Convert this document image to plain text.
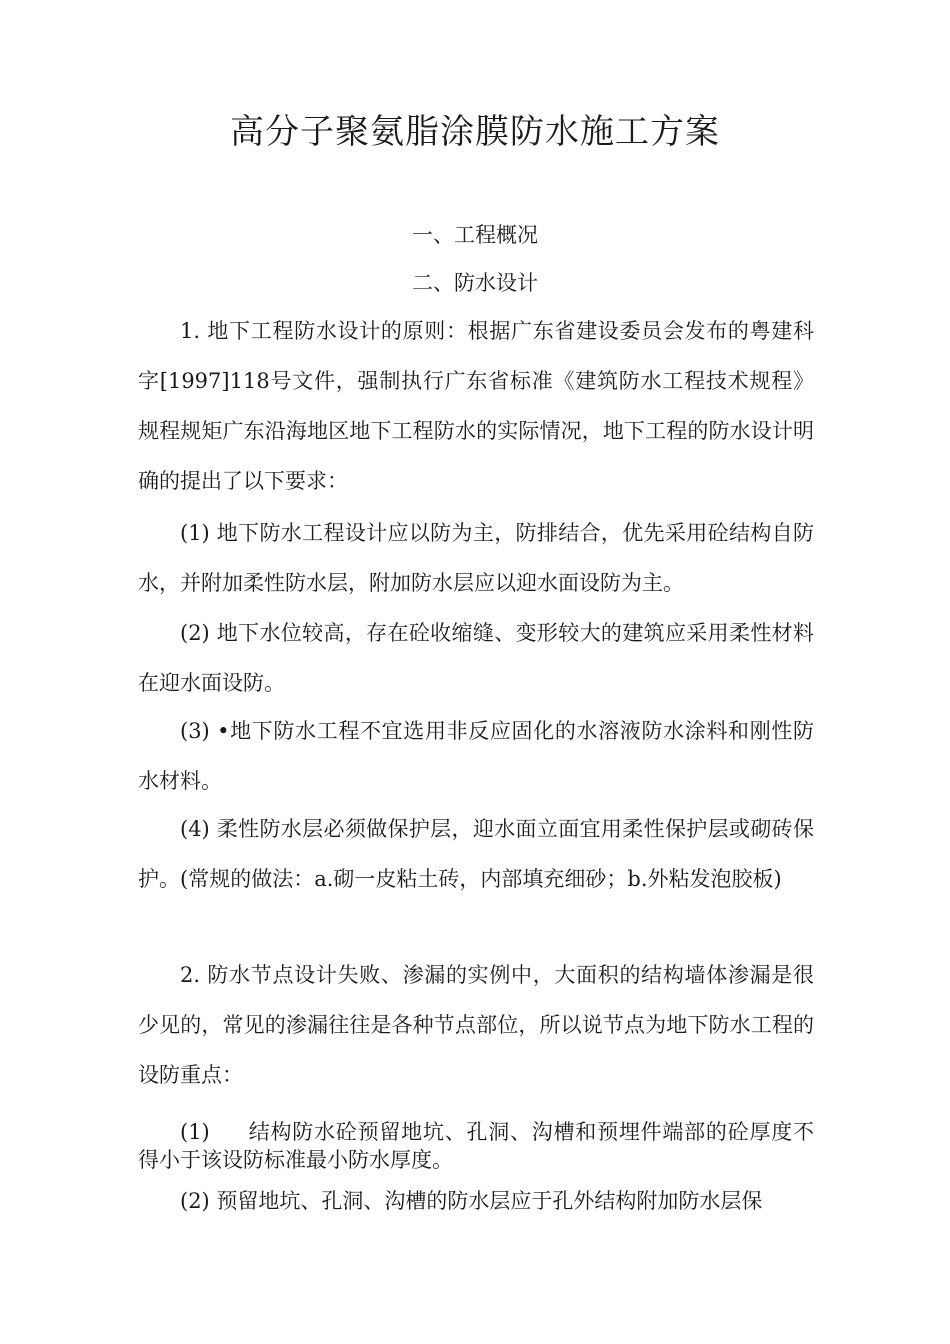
高分子聚氨脂涂膜防水施工方案
一、工程概况
二、防水设计

1. 地下工程防水设计的原则：根据广东省建设委员会发布的粤建科字[1997]118号文件，强制执行广东省标准《建筑防水工程技术规程》规程规矩广东沿海地区地下工程防水的实际情况，地下工程的防水设计明确的提出了以下要求：

(1) 地下防水工程设计应以防为主，防排结合，优先采用砼结构自防水，并附加柔性防水层，附加防水层应以迎水面设防为主。

(2) 地下水位较高，存在砼收缩缝、变形较大的建筑应采用柔性材料在迎水面设防。

(3) •地下防水工程不宜选用非反应固化的水溶液防水涂料和刚性防水材料。

(4) 柔性防水层必须做保护层，迎水面立面宜用柔性保护层或砌砖保护。(常规的做法：a.砌一皮粘土砖，内部填充细砂；b.外粘发泡胶板)

2. 防水节点设计失败、渗漏的实例中，大面积的结构墙体渗漏是很少见的，常见的渗漏往往是各种节点部位，所以说节点为地下防水工程的设防重点：

(1) 结构防水砼预留地坑、孔洞、沟槽和预埋件端部的砼厚度不得小于该设防标准最小防水厚度。

(2) 预留地坑、孔洞、沟槽的防水层应于孔外结构附加防水层保
